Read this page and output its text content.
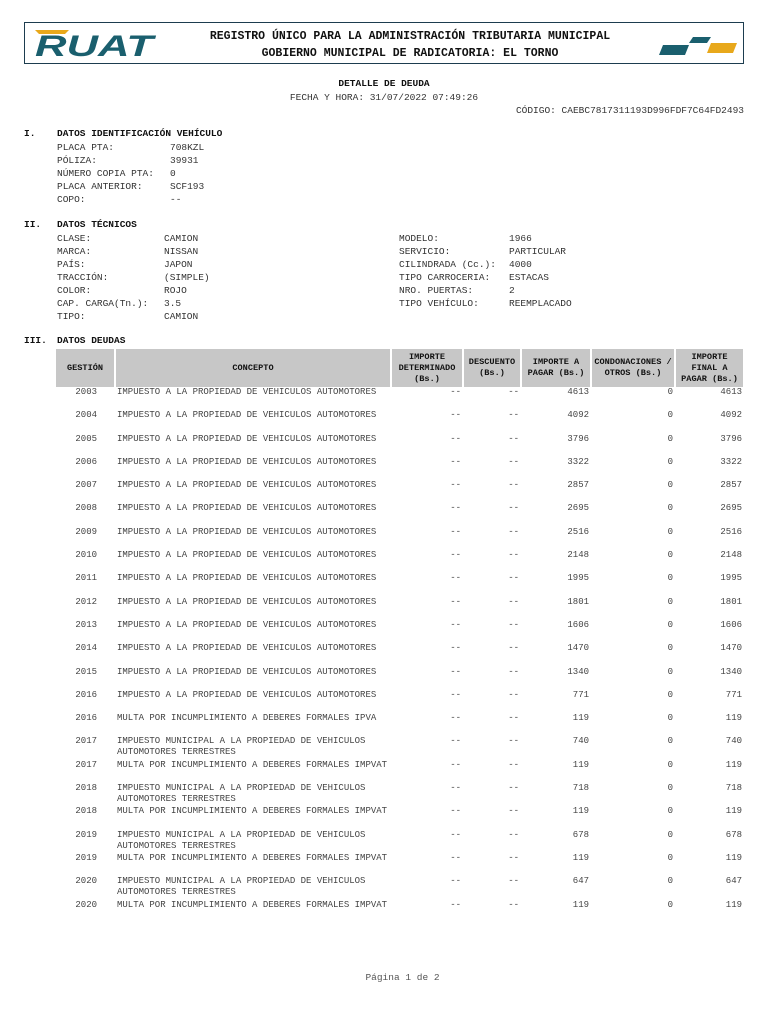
RUAT	REGISTRO ÚNICO PARA LA ADMINISTRACIÓN TRIBUTARIA MUNICIPAL
GOBIERNO MUNICIPAL DE RADICATORIA: EL TORNO
DETALLE DE DEUDA
FECHA Y HORA: 31/07/2022 07:49:26
CÓDIGO: CAEBC7817311193D996FDF7C64FD2493
I. DATOS IDENTIFICACIÓN VEHÍCULO
PLACA PTA:	708KZL
PÓLIZA:	39931
NÚMERO COPIA PTA: 0
PLACA ANTERIOR:	SCF193
COPO:	--
II. DATOS TÉCNICOS
CLASE:	CAMION
MARCA:	NISSAN
PAÍS:	JAPON
TRACCIÓN:	(SIMPLE)
COLOR:	ROJO
CAP. CARGA(Tn.): 3.5
TIPO:	CAMION
MODELO:	1966
SERVICIO:	PARTICULAR
CILINDRADA (Cc.): 4000
TIPO CARROCERIA: ESTACAS
NRO. PUERTAS:	2
TIPO VEHÍCULO:	REEMPLACADO
III. DATOS DEUDAS
GESTIÓN	CONCEPTO	IMPORTE DETERMINADO (Bs.)	DESCUENTO (Bs.)	IMPORTE A PAGAR (Bs.)	CONDONACIONES / OTROS (Bs.)	IMPORTE FINAL A PAGAR (Bs.)
2003	IMPUESTO A LA PROPIEDAD DE VEHICULOS AUTOMOTORES	--	--	4613	0	4613
2004	IMPUESTO A LA PROPIEDAD DE VEHICULOS AUTOMOTORES	--	--	4092	0	4092
2005	IMPUESTO A LA PROPIEDAD DE VEHICULOS AUTOMOTORES	--	--	3796	0	3796
2006	IMPUESTO A LA PROPIEDAD DE VEHICULOS AUTOMOTORES	--	--	3322	0	3322
2007	IMPUESTO A LA PROPIEDAD DE VEHICULOS AUTOMOTORES	--	--	2857	0	2857
2008	IMPUESTO A LA PROPIEDAD DE VEHICULOS AUTOMOTORES	--	--	2695	0	2695
2009	IMPUESTO A LA PROPIEDAD DE VEHICULOS AUTOMOTORES	--	--	2516	0	2516
2010	IMPUESTO A LA PROPIEDAD DE VEHICULOS AUTOMOTORES	--	--	2148	0	2148
2011	IMPUESTO A LA PROPIEDAD DE VEHICULOS AUTOMOTORES	--	--	1995	0	1995
2012	IMPUESTO A LA PROPIEDAD DE VEHICULOS AUTOMOTORES	--	--	1801	0	1801
2013	IMPUESTO A LA PROPIEDAD DE VEHICULOS AUTOMOTORES	--	--	1606	0	1606
2014	IMPUESTO A LA PROPIEDAD DE VEHICULOS AUTOMOTORES	--	--	1470	0	1470
2015	IMPUESTO A LA PROPIEDAD DE VEHICULOS AUTOMOTORES	--	--	1340	0	1340
2016	IMPUESTO A LA PROPIEDAD DE VEHICULOS AUTOMOTORES	--	--	771	0	771
2016	MULTA POR INCUMPLIMIENTO A DEBERES FORMALES IPVA	--	--	119	0	119
2017	IMPUESTO MUNICIPAL A LA PROPIEDAD DE VEHICULOS AUTOMOTORES TERRESTRES	--	--	740	0	740
2017	MULTA POR INCUMPLIMIENTO A DEBERES FORMALES IMPVAT	--	--	119	0	119
2018	IMPUESTO MUNICIPAL A LA PROPIEDAD DE VEHICULOS AUTOMOTORES TERRESTRES	--	--	718	0	718
2018	MULTA POR INCUMPLIMIENTO A DEBERES FORMALES IMPVAT	--	--	119	0	119
2019	IMPUESTO MUNICIPAL A LA PROPIEDAD DE VEHICULOS AUTOMOTORES TERRESTRES	--	--	678	0	678
2019	MULTA POR INCUMPLIMIENTO A DEBERES FORMALES IMPVAT	--	--	119	0	119
2020	IMPUESTO MUNICIPAL A LA PROPIEDAD DE VEHICULOS AUTOMOTORES TERRESTRES	--	--	647	0	647
2020	MULTA POR INCUMPLIMIENTO A DEBERES FORMALES IMPVAT	--	--	119	0	119
Página 1 de 2
